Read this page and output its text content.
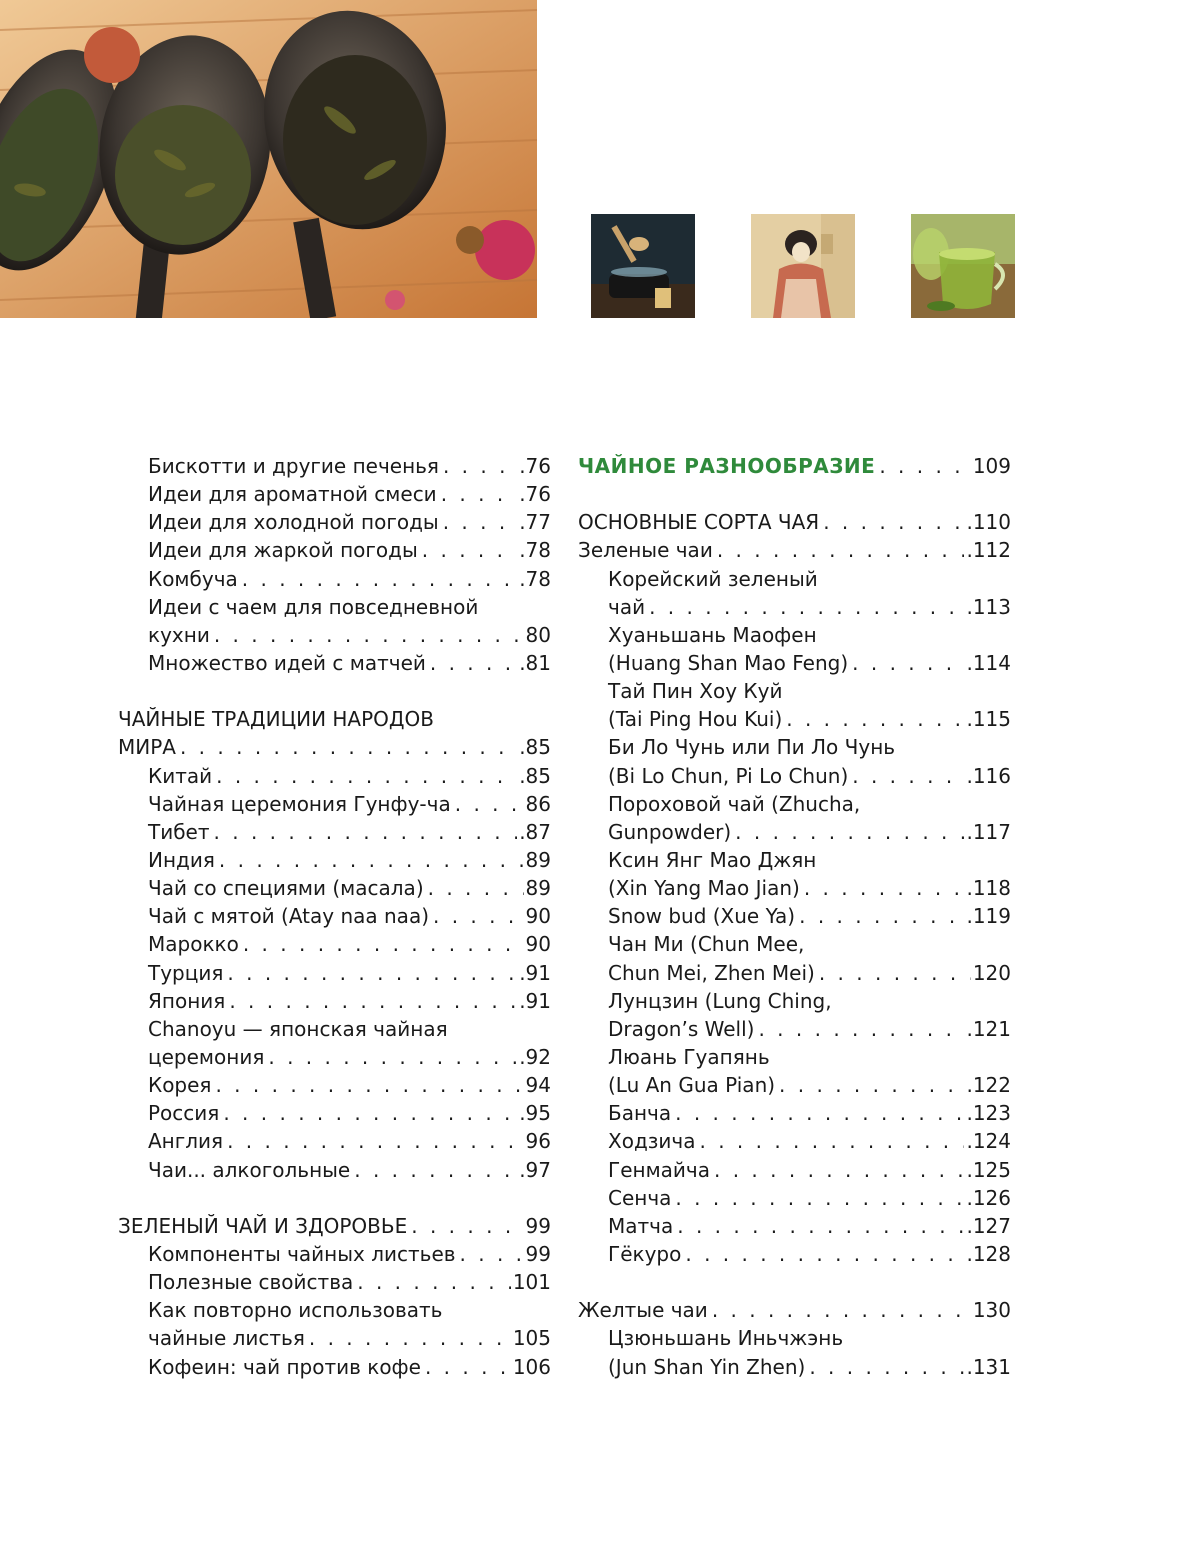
Бискотти и другие печенья . . .	.76
Идеи для ароматной смеси . . .	.76
Идеи для холодной погоды . . .	.77
Идеи для жаркой погоды . . .	.78
Комбуча . . .	.78
Идеи с чаем для повседневной
кухни . . .	80
Множество идей с матчей . . .	.81
ЧАЙНЫЕ ТРАДИЦИИ НАРОДОВ
МИРА . . .	.85
Китай . . .	.85
Чайная церемония Гунфу-ча . . .	86
Тибет . . .	.87
Индия . . .	89
Чай со специями (масала) . . .	89
Чай с мятой (Atay naa naa) . . .	90
Марокко . . .	90
Турция . . .	.91
Япония . . .	.91
Chanoyu — японская чайная
церемония . . .	.92
Корея . . .	94
Россия . . .	.95
Англия . . .	96
Чаи... алкогольные . . .	.97
ЗЕЛЕНЫЙ ЧАЙ И ЗДОРОВЬЕ . . .	99
Компоненты чайных листьев . . .	99
Полезные свойства . . .	101
Как повторно использовать
чайные листья . . .	105
Кофеин: чай против кофе . . .	106
ЧАЙНОЕ РАЗНООБРАЗИЕ . . .	109
ОСНОВНЫЕ СОРТА ЧАЯ . . .	.110
Зеленые чаи . . .	.112
Корейский зеленый
чай . . .	.113
Хуаньшань Маофен
(Huang Shan Mao Feng) . . .	.114
Тай Пин Хоу Куй
(Tai Ping Hou Kui) . . .	.115
Би Ло Чунь или Пи Ло Чунь
(Bi Lo Chun, Pi Lo Chun) . . .	.116
Пороховой чай (Zhucha,
Gunpowder) . . .	.117
Ксин Янг Мао Джян
(Xin Yang Mao Jian) . . .	.118
Snow bud (Xue Ya) . . .	.119
Чан Ми (Chun Mee,
Chun Mei, Zhen Mei) . . .	120
Лунцзин (Lung Ching,
Dragon’s Well) . . .	.121
Люань Гуапянь
(Lu An Gua Pian) . . .	.122
Банча . . .	.123
Ходзича . . .	.124
Генмайча . . .	.125
Сенча . . .	.126
Матча . . .	.127
Гёкуро . . .	.128
Желтые чаи . . .	130
Цзюньшань Иньчжэнь
(Jun Shan Yin Zhen) . . .	.131
